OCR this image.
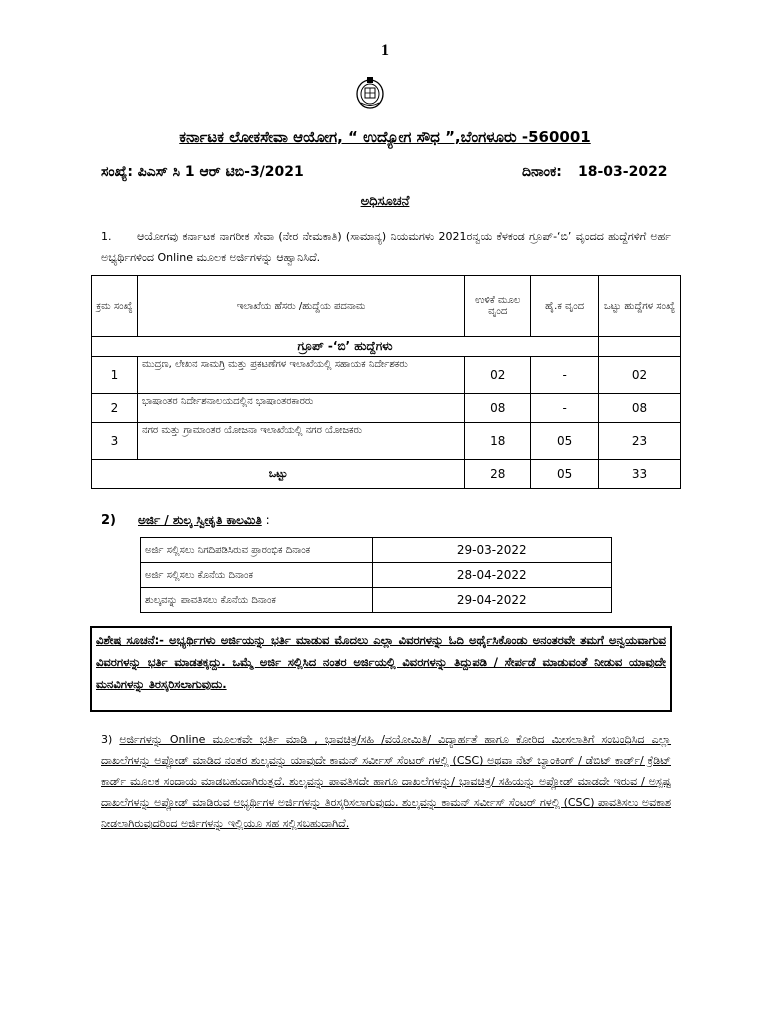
1
ಕರ್ನಾಟಕ ಲೋಕಸೇವಾ ಆಯೋಗ, “ ಉದ್ಯೋಗ ಸೌಧ ”,ಬೆಂಗಳೂರು -560001
ಸಂಖ್ಯೆ: ಪಿಎಸ್ ಸಿ 1 ಆರ್ ಟಿಬಿ-3/2021	ದಿನಾಂಕ: 18-03-2022
ಅಧಿಸೂಚನೆ
1. ಆಯೋಗವು ಕರ್ನಾಟಕ ನಾಗರೀಕ ಸೇವಾ (ನೇರ ನೇಮಕಾತಿ) (ಸಾಮಾನ್ಯ) ನಿಯಮಗಳು 2021ರನ್ವಯ ಕೆಳಕಂಡ ಗ್ರೂಪ್-‘ಬಿ’ ವೃಂದದ ಹುದ್ದೆಗಳಿಗೆ ಅರ್ಹ ಅಭ್ಯರ್ಥಿಗಳಿಂದ Online ಮೂಲಕ ಅರ್ಜಿಗಳನ್ನು ಆಹ್ವಾನಿಸಿದೆ.
ಕ್ರಮ ಸಂಖ್ಯೆ	ಇಲಾಖೆಯ ಹೆಸರು /ಹುದ್ದೆಯ ಪದನಾಮ	ಉಳಿಕೆ ಮೂಲ ವೃಂದ	ಹೈ.ಕ ವೃಂದ	ಒಟ್ಟು ಹುದ್ದೆಗಳ ಸಂಖ್ಯೆ
ಗ್ರೂಪ್ -‘ಬಿ’ ಹುದ್ದೆಗಳು				
1	ಮುದ್ರಣ, ಲೇಖನ ಸಾಮಗ್ರಿ ಮತ್ತು ಪ್ರಕಟಣೆಗಳ ಇಲಾಖೆಯಲ್ಲಿ ಸಹಾಯಕ ನಿರ್ದೇಶಕರು	02	-	02
2	ಭಾಷಾಂತರ ನಿರ್ದೇಶನಾಲಯದಲ್ಲಿನ ಭಾಷಾಂತರಕಾರರು	08	-	08
3	ನಗರ ಮತ್ತು ಗ್ರಾಮಾಂತರ ಯೋಜನಾ ಇಲಾಖೆಯಲ್ಲಿ ನಗರ ಯೋಜಕರು	18	05	23
ಒಟ್ಟು		28	05	33
2) ಅರ್ಜಿ / ಶುಲ್ಕ ಸ್ವೀಕೃತಿ ಕಾಲಮಿತಿ :
ಅರ್ಜಿ ಸಲ್ಲಿಸಲು ನಿಗದಿಪಡಿಸಿರುವ ಪ್ರಾರಂಭಿಕ ದಿನಾಂಕ	29-03-2022
ಅರ್ಜಿ ಸಲ್ಲಿಸಲು ಕೊನೆಯ ದಿನಾಂಕ	28-04-2022
ಶುಲ್ಕವನ್ನು ಪಾವತಿಸಲು ಕೊನೆಯ ದಿನಾಂಕ	29-04-2022
ವಿಶೇಷ ಸೂಚನೆ:- ಅಭ್ಯರ್ಥಿಗಳು ಅರ್ಜಿಯನ್ನು ಭರ್ತಿ ಮಾಡುವ ಮೊದಲು ಎಲ್ಲಾ ವಿವರಗಳನ್ನು ಓದಿ ಅರ್ಥೈಸಿಕೊಂಡು ಅನಂತರವೇ ತಮಗೆ ಅನ್ವಯವಾಗುವ ವಿವರಗಳನ್ನು ಭರ್ತಿ ಮಾಡತಕ್ಕದ್ದು. ಒಮ್ಮೆ ಅರ್ಜಿ ಸಲ್ಲಿಸಿದ ನಂತರ ಅರ್ಜಿಯಲ್ಲಿ ವಿವರಗಳನ್ನು ತಿದ್ದುಪಡಿ / ಸೇರ್ಪಡೆ ಮಾಡುವಂತೆ ನೀಡುವ ಯಾವುದೇ ಮನವಿಗಳನ್ನು ತಿರಸ್ಕರಿಸಲಾಗುವುದು.
3) ಅರ್ಜಿಗಳನ್ನು Online ಮೂಲಕವೇ ಭರ್ತಿ ಮಾಡಿ , ಭಾವಚಿತ್ರ/ಸಹಿ /ವಯೋಮಿತಿ/ ವಿದ್ಯಾರ್ಹತೆ ಹಾಗೂ ಕೋರಿದ ಮೀಸಲಾತಿಗೆ ಸಂಬಂಧಿಸಿದ ಎಲ್ಲಾ ದಾಖಲೆಗಳನ್ನು ಅಪ್ಲೋಡ್ ಮಾಡಿದ ನಂತರ ಶುಲ್ಕವನ್ನು ಯಾವುದೇ ಕಾಮನ್ ಸರ್ವೀಸ್ ಸೆಂಟರ್ ಗಳಲ್ಲಿ (CSC) ಅಥವಾ ನೆಟ್ ಬ್ಯಾಂಕಿಂಗ್ / ಡೆಬಿಟ್ ಕಾರ್ಡ್/ ಕ್ರೆಡಿಟ್ ಕಾರ್ಡ್ ಮೂಲಕ ಸಂದಾಯ ಮಾಡಬಹುದಾಗಿರುತ್ತದೆ. ಶುಲ್ಕವನ್ನು ಪಾವತಿಸದೇ ಹಾಗೂ ದಾಖಲೆಗಳನ್ನು/ ಭಾವಚಿತ್ರ/ ಸಹಿಯನ್ನು ಅಪ್ಲೋಡ್ ಮಾಡದೇ ಇರುವ / ಅಸ್ಪಷ್ಟ ದಾಖಲೆಗಳನ್ನು ಅಪ್ಲೋಡ್ ಮಾಡಿರುವ ಅಭ್ಯರ್ಥಿಗಳ ಅರ್ಜಿಗಳನ್ನು ತಿರಸ್ಕರಿಸಲಾಗುವುದು. ಶುಲ್ಕವನ್ನು ಕಾಮನ್ ಸರ್ವೀಸ್ ಸೆಂಟರ್ ಗಳಲ್ಲಿ (CSC) ಪಾವತಿಸಲು ಅವಕಾಶ ನೀಡಲಾಗಿರುವುದರಿಂದ ಅರ್ಜಿಗಳನ್ನು ಇಲ್ಲಿಯೂ ಸಹ ಸಲ್ಲಿಸಬಹುದಾಗಿದೆ.
